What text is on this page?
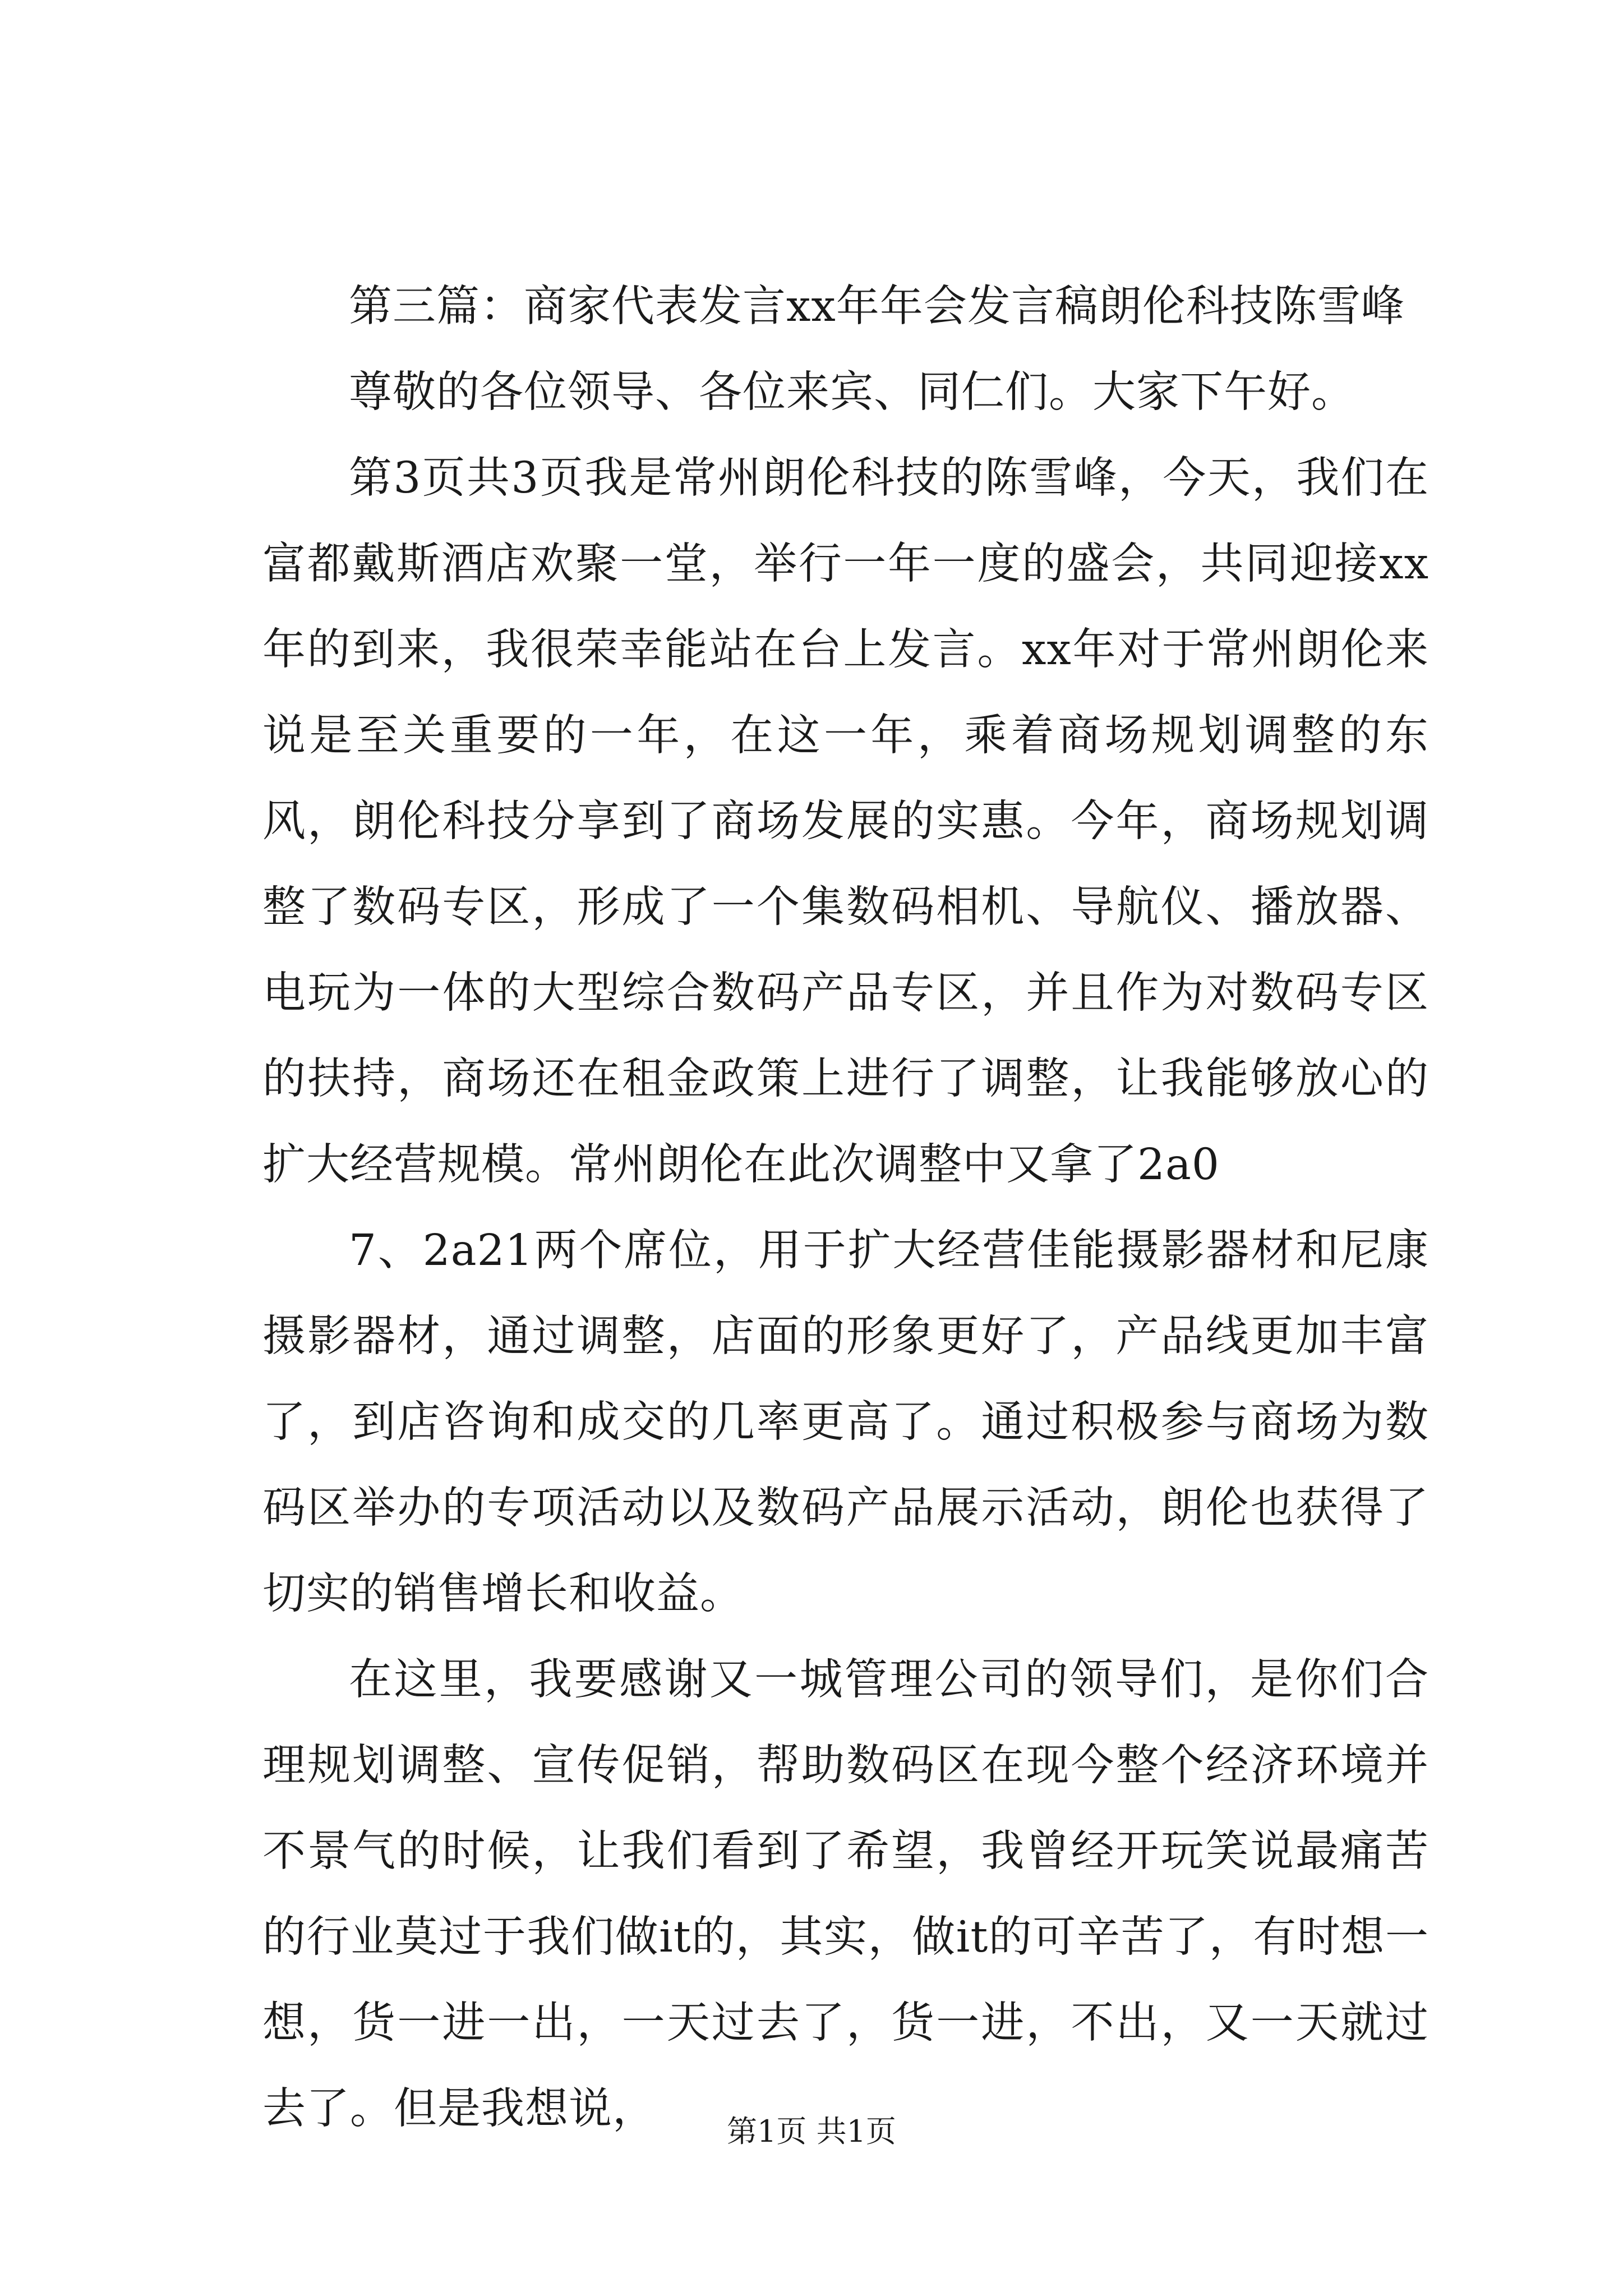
第三篇：商家代表发言xx年年会发言稿朗伦科技陈雪峰

尊敬的各位领导、各位来宾、同仁们。大家下午好。

第3页共3页我是常州朗伦科技的陈雪峰，今天，我们在富都戴斯酒店欢聚一堂，举行一年一度的盛会，共同迎接xx年的到来，我很荣幸能站在台上发言。xx年对于常州朗伦来说是至关重要的一年，在这一年，乘着商场规划调整的东风，朗伦科技分享到了商场发展的实惠。今年，商场规划调整了数码专区，形成了一个集数码相机、导航仪、播放器、电玩为一体的大型综合数码产品专区，并且作为对数码专区的扶持，商场还在租金政策上进行了调整，让我能够放心的扩大经营规模。常州朗伦在此次调整中又拿了2a0

7、2a21两个席位，用于扩大经营佳能摄影器材和尼康摄影器材，通过调整，店面的形象更好了，产品线更加丰富了，到店咨询和成交的几率更高了。通过积极参与商场为数码区举办的专项活动以及数码产品展示活动，朗伦也获得了切实的销售增长和收益。

在这里，我要感谢又一城管理公司的领导们，是你们合理规划调整、宣传促销，帮助数码区在现今整个经济环境并不景气的时候，让我们看到了希望，我曾经开玩笑说最痛苦的行业莫过于我们做it的，其实，做it的可辛苦了，有时想一想，货一进一出，一天过去了，货一进，不出，又一天就过去了。但是我想说，	第1页 共1页
